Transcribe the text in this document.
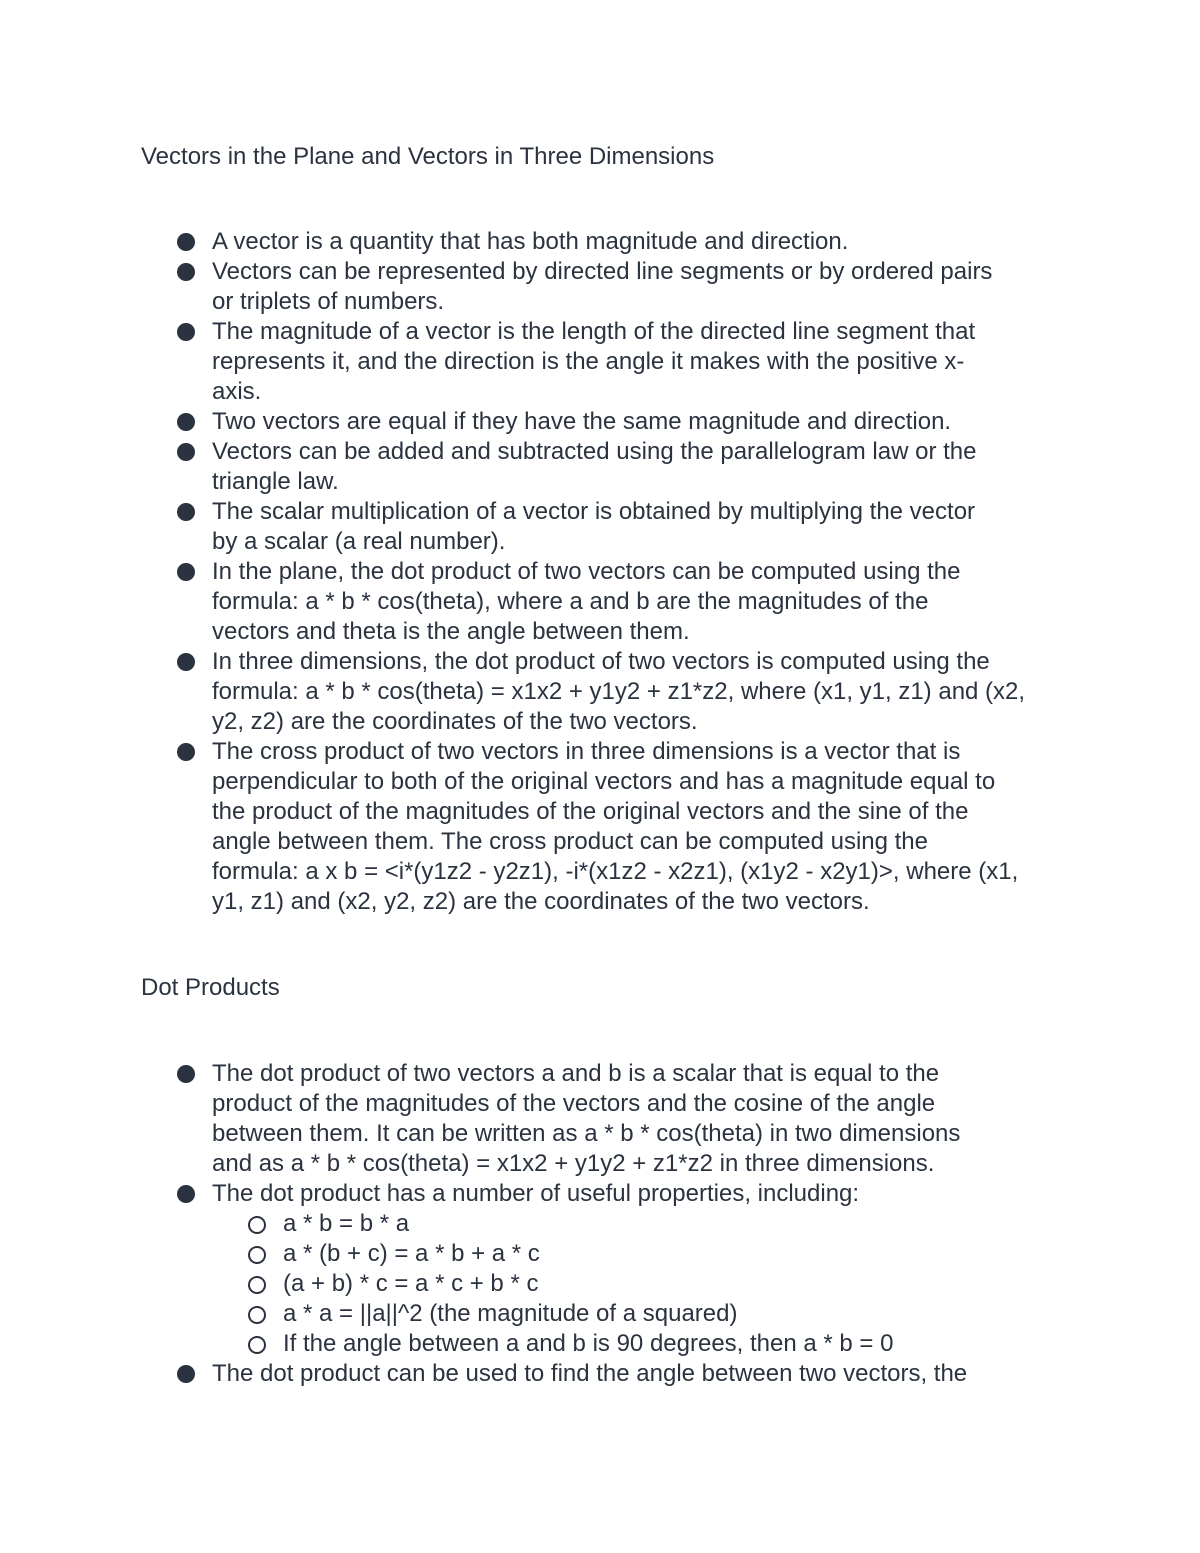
Vectors in the Plane and Vectors in Three Dimensions
A vector is a quantity that has both magnitude and direction.
Vectors can be represented by directed line segments or by ordered pairs
or triplets of numbers.
The magnitude of a vector is the length of the directed line segment that
represents it, and the direction is the angle it makes with the positive x-
axis.
Two vectors are equal if they have the same magnitude and direction.
Vectors can be added and subtracted using the parallelogram law or the
triangle law.
The scalar multiplication of a vector is obtained by multiplying the vector
by a scalar (a real number).
In the plane, the dot product of two vectors can be computed using the
formula: a * b * cos(theta), where a and b are the magnitudes of the
vectors and theta is the angle between them.
In three dimensions, the dot product of two vectors is computed using the
formula: a * b * cos(theta) = x1x2 + y1y2 + z1*z2, where (x1, y1, z1) and (x2,
y2, z2) are the coordinates of the two vectors.
The cross product of two vectors in three dimensions is a vector that is
perpendicular to both of the original vectors and has a magnitude equal to
the product of the magnitudes of the original vectors and the sine of the
angle between them. The cross product can be computed using the
formula: a x b = <i*(y1z2 - y2z1), -i*(x1z2 - x2z1), (x1y2 - x2y1)>, where (x1,
y1, z1) and (x2, y2, z2) are the coordinates of the two vectors.
Dot Products
The dot product of two vectors a and b is a scalar that is equal to the
product of the magnitudes of the vectors and the cosine of the angle
between them. It can be written as a * b * cos(theta) in two dimensions
and as a * b * cos(theta) = x1x2 + y1y2 + z1*z2 in three dimensions.
The dot product has a number of useful properties, including:
a * b = b * a
a * (b + c) = a * b + a * c
(a + b) * c = a * c + b * c
a * a = ||a||^2 (the magnitude of a squared)
If the angle between a and b is 90 degrees, then a * b = 0
The dot product can be used to find the angle between two vectors, the
